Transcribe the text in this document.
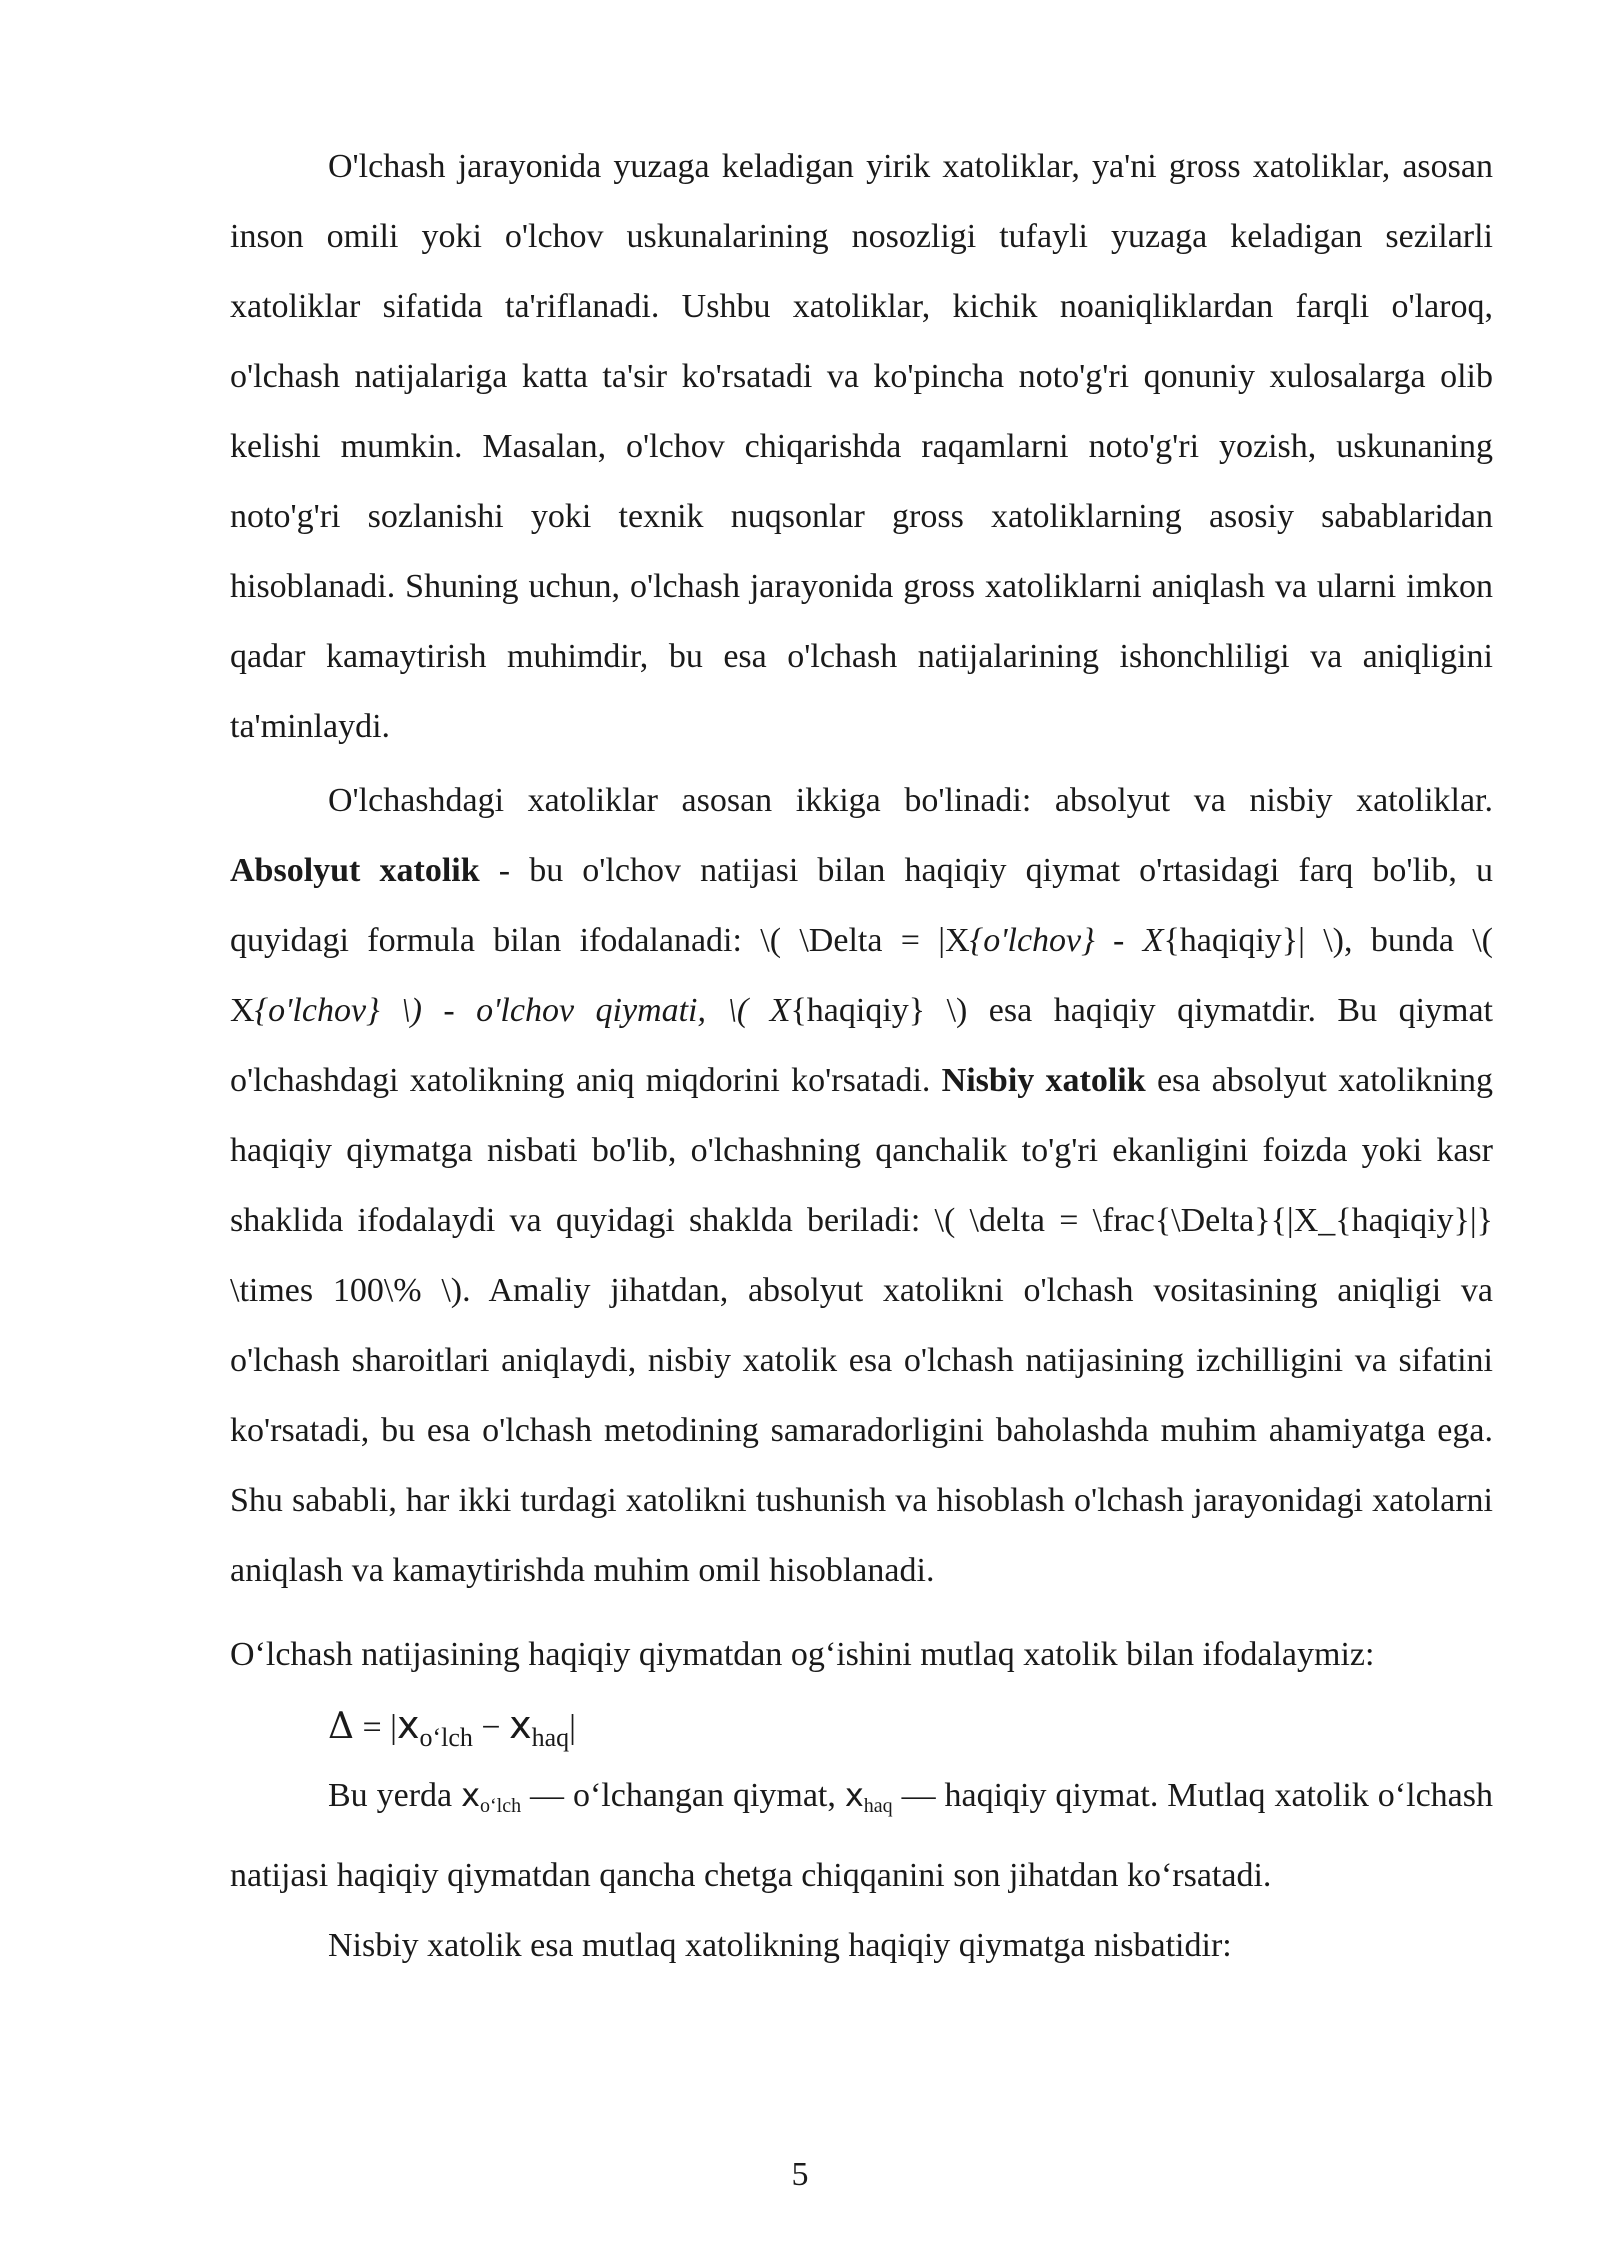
O'lchash jarayonida yuzaga keladigan yirik xatoliklar, ya'ni gross xatoliklar, asosan inson omili yoki o'lchov uskunalarining nosozligi tufayli yuzaga keladigan sezilarli xatoliklar sifatida ta'riflanadi. Ushbu xatoliklar, kichik noaniqliklardan farqli o'laroq, o'lchash natijalariga katta ta'sir ko'rsatadi va ko'pincha noto'g'ri qonuniy xulosalarga olib kelishi mumkin. Masalan, o'lchov chiqarishda raqamlarni noto'g'ri yozish, uskunaning noto'g'ri sozlanishi yoki texnik nuqsonlar gross xatoliklarning asosiy sabablaridan hisoblanadi. Shuning uchun, o'lchash jarayonida gross xatoliklarni aniqlash va ularni imkon qadar kamaytirish muhimdir, bu esa o'lchash natijalarining ishonchliligi va aniqligini ta'minlaydi.

O'lchashdagi xatoliklar asosan ikkiga bo'linadi: absolyut va nisbiy xatoliklar. Absolyut xatolik - bu o'lchov natijasi bilan haqiqiy qiymat o'rtasidagi farq bo'lib, u quyidagi formula bilan ifodalanadi: \( \Delta = |X{o'lchov} - X{haqiqiy}| \), bunda \( X{o'lchov} \) - o'lchov qiymati, \( X{haqiqiy} \) esa haqiqiy qiymatdir. Bu qiymat o'lchashdagi xatolikning aniq miqdorini ko'rsatadi. Nisbiy xatolik esa absolyut xatolikning haqiqiy qiymatga nisbati bo'lib, o'lchashning qanchalik to'g'ri ekanligini foizda yoki kasr shaklida ifodalaydi va quyidagi shaklda beriladi: \( \delta = \frac{\Delta}{|X_{haqiqiy}|} \times 100\% \). Amaliy jihatdan, absolyut xatolikni o'lchash vositasining aniqligi va o'lchash sharoitlari aniqlaydi, nisbiy xatolik esa o'lchash natijasining izchilligini va sifatini ko'rsatadi, bu esa o'lchash metodining samaradorligini baholashda muhim ahamiyatga ega. Shu sababli, har ikki turdagi xatolikni tushunish va hisoblash o'lchash jarayonidagi xatolarni aniqlash va kamaytirishda muhim omil hisoblanadi.

O‘lchash natijasining haqiqiy qiymatdan og‘ishini mutlaq xatolik bilan ifodalaymiz:

$\Delta = |x_{o‘lch} - x_{haq}|$

Bu yerda $x_{o‘lch}$ — o‘lchangan qiymat, $x_{haq}$ — haqiqiy qiymat. Mutlaq xatolik o‘lchash natijasi haqiqiy qiymatdan qancha chetga chiqqanini son jihatdan ko‘rsatadi.

Nisbiy xatolik esa mutlaq xatolikning haqiqiy qiymatga nisbatidir:

5
